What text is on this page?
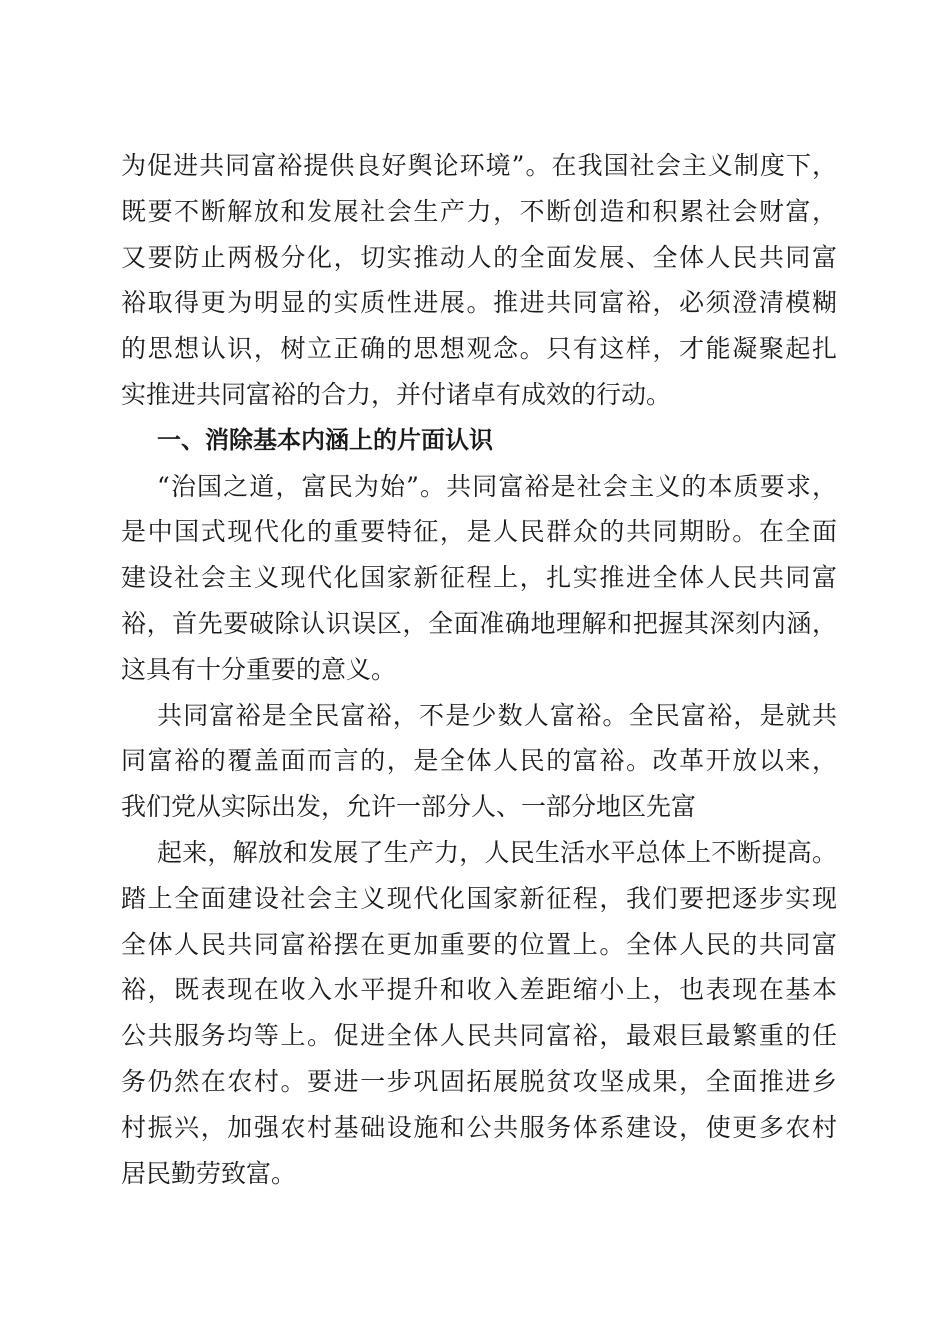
为促进共同富裕提供良好舆论环境”。在我国社会主义制度下，
既要不断解放和发展社会生产力，不断创造和积累社会财富，
又要防止两极分化，切实推动人的全面发展、全体人民共同富
裕取得更为明显的实质性进展。推进共同富裕，必须澄清模糊
的思想认识，树立正确的思想观念。只有这样，才能凝聚起扎
实推进共同富裕的合力，并付诸卓有成效的行动。
一、消除基本内涵上的片面认识
“治国之道，富民为始”。共同富裕是社会主义的本质要求，
是中国式现代化的重要特征，是人民群众的共同期盼。在全面
建设社会主义现代化国家新征程上，扎实推进全体人民共同富
裕，首先要破除认识误区，全面准确地理解和把握其深刻内涵，
这具有十分重要的意义。
共同富裕是全民富裕，不是少数人富裕。全民富裕，是就共
同富裕的覆盖面而言的，是全体人民的富裕。改革开放以来，
我们党从实际出发，允许一部分人、一部分地区先富
起来，解放和发展了生产力，人民生活水平总体上不断提高。
踏上全面建设社会主义现代化国家新征程，我们要把逐步实现
全体人民共同富裕摆在更加重要的位置上。全体人民的共同富
裕，既表现在收入水平提升和收入差距缩小上，也表现在基本
公共服务均等上。促进全体人民共同富裕，最艰巨最繁重的任
务仍然在农村。要进一步巩固拓展脱贫攻坚成果，全面推进乡
村振兴，加强农村基础设施和公共服务体系建设，使更多农村
居民勤劳致富。
